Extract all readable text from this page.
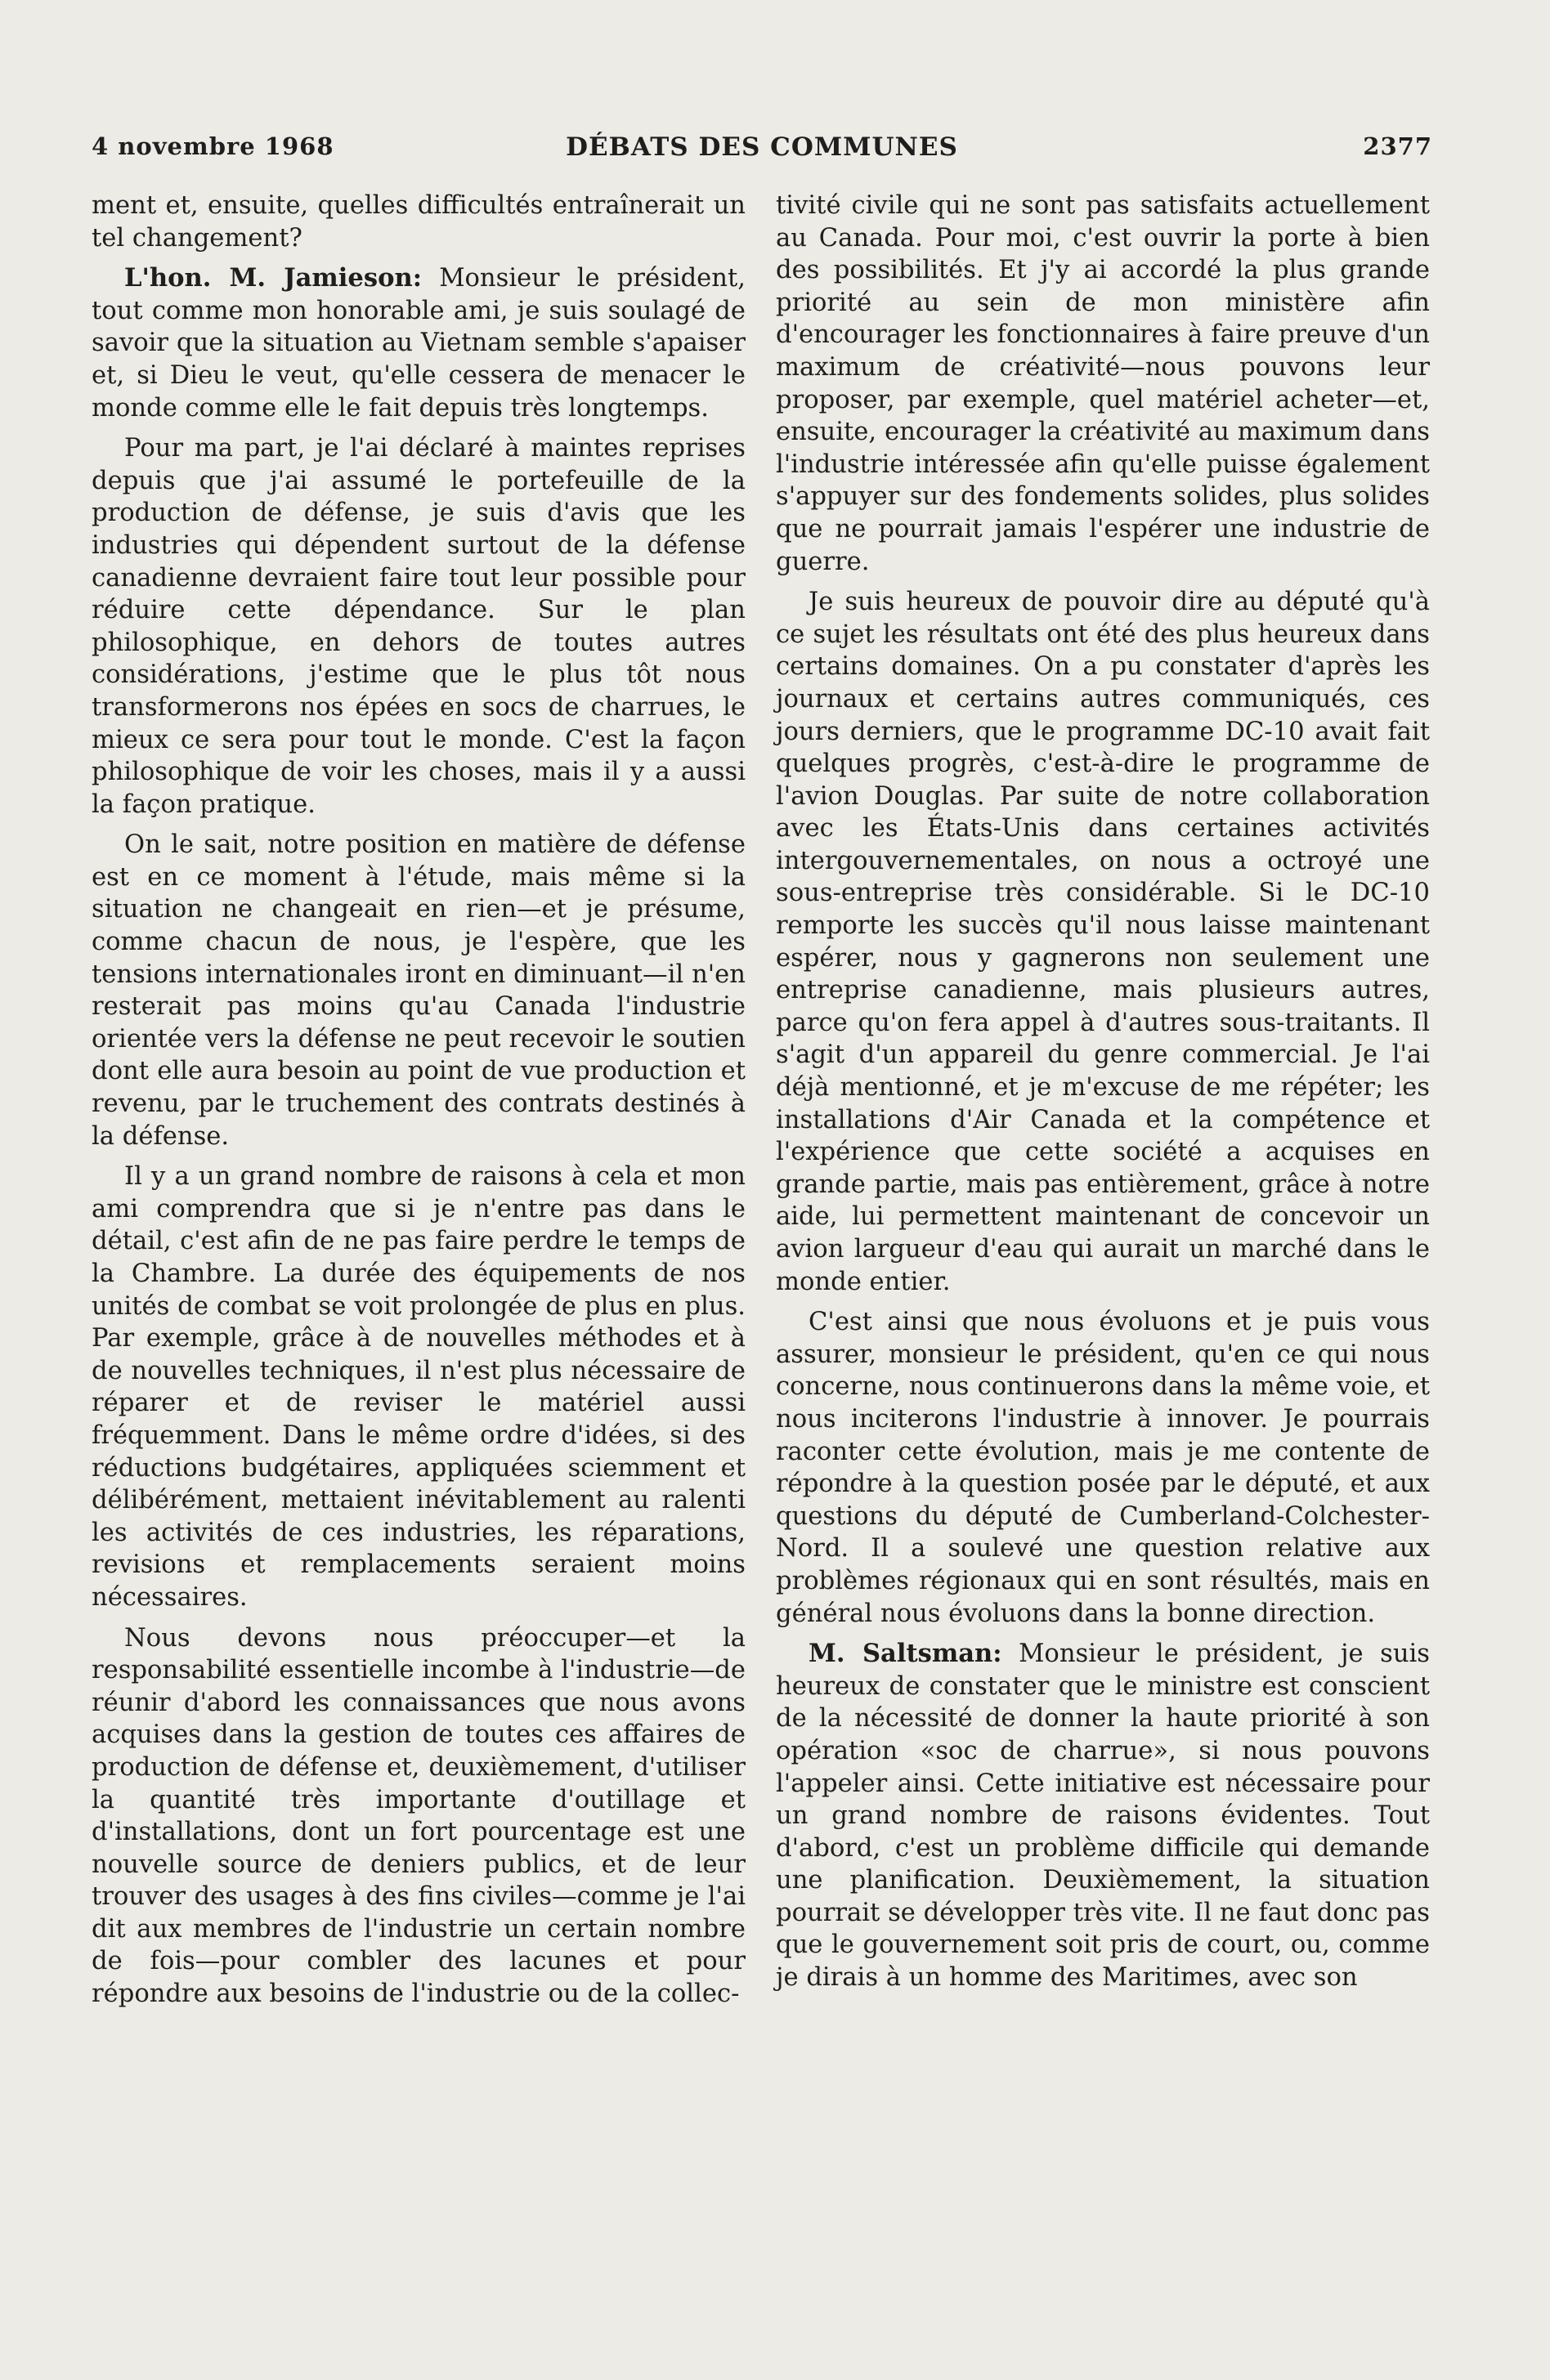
4 novembre 1968	DÉBATS DES COMMUNES	2377

ment et, ensuite, quelles difficultés entraînerait un tel changement?

L'hon. M. Jamieson: Monsieur le président, tout comme mon honorable ami, je suis soulagé de savoir que la situation au Vietnam semble s'apaiser et, si Dieu le veut, qu'elle cessera de menacer le monde comme elle le fait depuis très longtemps.

Pour ma part, je l'ai déclaré à maintes reprises depuis que j'ai assumé le portefeuille de la production de défense, je suis d'avis que les industries qui dépendent surtout de la défense canadienne devraient faire tout leur possible pour réduire cette dépendance. Sur le plan philosophique, en dehors de toutes autres considérations, j'estime que le plus tôt nous transformerons nos épées en socs de charrues, le mieux ce sera pour tout le monde. C'est la façon philosophique de voir les choses, mais il y a aussi la façon pratique.

On le sait, notre position en matière de défense est en ce moment à l'étude, mais même si la situation ne changeait en rien—et je présume, comme chacun de nous, je l'espère, que les tensions internationales iront en diminuant—il n'en resterait pas moins qu'au Canada l'industrie orientée vers la défense ne peut recevoir le soutien dont elle aura besoin au point de vue production et revenu, par le truchement des contrats destinés à la défense.

Il y a un grand nombre de raisons à cela et mon ami comprendra que si je n'entre pas dans le détail, c'est afin de ne pas faire perdre le temps de la Chambre. La durée des équipements de nos unités de combat se voit prolongée de plus en plus. Par exemple, grâce à de nouvelles méthodes et à de nouvelles techniques, il n'est plus nécessaire de réparer et de reviser le matériel aussi fréquemment. Dans le même ordre d'idées, si des réductions budgétaires, appliquées sciemment et délibérément, mettaient inévitablement au ralenti les activités de ces industries, les réparations, revisions et remplacements seraient moins nécessaires.

Nous devons nous préoccuper—et la responsabilité essentielle incombe à l'industrie—de réunir d'abord les connaissances que nous avons acquises dans la gestion de toutes ces affaires de production de défense et, deuxièmement, d'utiliser la quantité très importante d'outillage et d'installations, dont un fort pourcentage est une nouvelle source de deniers publics, et de leur trouver des usages à des fins civiles—comme je l'ai dit aux membres de l'industrie un certain nombre de fois—pour combler des lacunes et pour répondre aux besoins de l'industrie ou de la collec-

tivité civile qui ne sont pas satisfaits actuellement au Canada. Pour moi, c'est ouvrir la porte à bien des possibilités. Et j'y ai accordé la plus grande priorité au sein de mon ministère afin d'encourager les fonctionnaires à faire preuve d'un maximum de créativité—nous pouvons leur proposer, par exemple, quel matériel acheter—et, ensuite, encourager la créativité au maximum dans l'industrie intéressée afin qu'elle puisse également s'appuyer sur des fondements solides, plus solides que ne pourrait jamais l'espérer une industrie de guerre.

Je suis heureux de pouvoir dire au député qu'à ce sujet les résultats ont été des plus heureux dans certains domaines. On a pu constater d'après les journaux et certains autres communiqués, ces jours derniers, que le programme DC-10 avait fait quelques progrès, c'est-à-dire le programme de l'avion Douglas. Par suite de notre collaboration avec les États-Unis dans certaines activités intergouvernementales, on nous a octroyé une sous-entreprise très considérable. Si le DC-10 remporte les succès qu'il nous laisse maintenant espérer, nous y gagnerons non seulement une entreprise canadienne, mais plusieurs autres, parce qu'on fera appel à d'autres sous-traitants. Il s'agit d'un appareil du genre commercial. Je l'ai déjà mentionné, et je m'excuse de me répéter; les installations d'Air Canada et la compétence et l'expérience que cette société a acquises en grande partie, mais pas entièrement, grâce à notre aide, lui permettent maintenant de concevoir un avion largueur d'eau qui aurait un marché dans le monde entier.

C'est ainsi que nous évoluons et je puis vous assurer, monsieur le président, qu'en ce qui nous concerne, nous continuerons dans la même voie, et nous inciterons l'industrie à innover. Je pourrais raconter cette évolution, mais je me contente de répondre à la question posée par le député, et aux questions du député de Cumberland-Colchester-Nord. Il a soulevé une question relative aux problèmes régionaux qui en sont résultés, mais en général nous évoluons dans la bonne direction.

M. Saltsman: Monsieur le président, je suis heureux de constater que le ministre est conscient de la nécessité de donner la haute priorité à son opération «soc de charrue», si nous pouvons l'appeler ainsi. Cette initiative est nécessaire pour un grand nombre de raisons évidentes. Tout d'abord, c'est un problème difficile qui demande une planification. Deuxièmement, la situation pourrait se développer très vite. Il ne faut donc pas que le gouvernement soit pris de court, ou, comme je dirais à un homme des Maritimes, avec son
